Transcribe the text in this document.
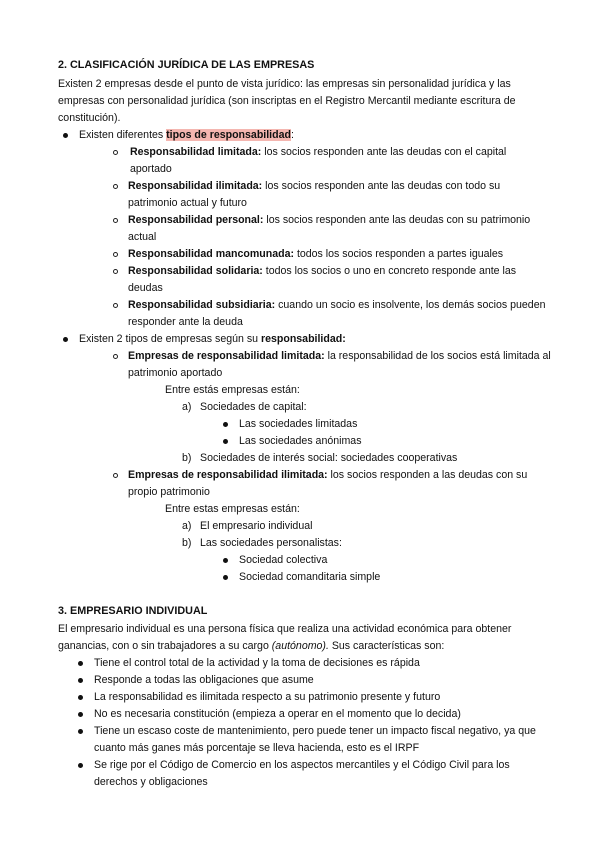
2. CLASIFICACIÓN JURÍDICA DE LAS EMPRESAS
Existen 2 empresas desde el punto de vista jurídico: las empresas sin personalidad jurídica y las
empresas con personalidad jurídica (son inscriptas en el Registro Mercantil mediante escritura de
constitución).
Existen diferentes tipos de responsabilidad:
Responsabilidad limitada: los socios responden ante las deudas con el capital
aportado
Responsabilidad ilimitada: los socios responden ante las deudas con todo su
patrimonio actual y futuro
Responsabilidad personal: los socios responden ante las deudas con su patrimonio
actual
Responsabilidad mancomunada: todos los socios responden a partes iguales
Responsabilidad solidaria: todos los socios o uno en concreto responde ante las
deudas
Responsabilidad subsidiaria: cuando un socio es insolvente, los demás socios pueden
responder ante la deuda
Existen 2 tipos de empresas según su responsabilidad:
Empresas de responsabilidad limitada: la responsabilidad de los socios está limitada al
patrimonio aportado
Entre estás empresas están:
a) Sociedades de capital:
Las sociedades limitadas
Las sociedades anónimas
b) Sociedades de interés social: sociedades cooperativas
Empresas de responsabilidad ilimitada: los socios responden a las deudas con su
propio patrimonio
Entre estas empresas están:
a) El empresario individual
b) Las sociedades personalistas:
Sociedad colectiva
Sociedad comanditaria simple
3. EMPRESARIO INDIVIDUAL
El empresario individual es una persona física que realiza una actividad económica para obtener
ganancias, con o sin trabajadores a su cargo (autónomo). Sus características son:
Tiene el control total de la actividad y la toma de decisiones es rápida
Responde a todas las obligaciones que asume
La responsabilidad es ilimitada respecto a su patrimonio presente y futuro
No es necesaria constitución (empieza a operar en el momento que lo decida)
Tiene un escaso coste de mantenimiento, pero puede tener un impacto fiscal negativo, ya que
cuanto más ganes más porcentaje se lleva hacienda, esto es el IRPF
Se rige por el Código de Comercio en los aspectos mercantiles y el Código Civil para los
derechos y obligaciones
